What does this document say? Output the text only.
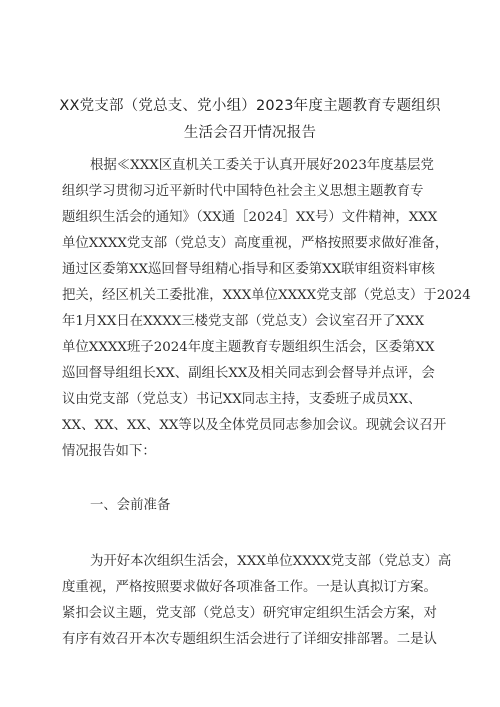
XX党支部（党总支、党小组）2023年度主题教育专题组织
生活会召开情况报告
根据≪XXX区直机关工委关于认真开展好2023年度基层党
组织学习贯彻习近平新时代中国特色社会主义思想主题教育专
题组织生活会的通知》（XX通［2024］XX号）文件精神，XXX
单位XXXX党支部（党总支）高度重视，严格按照要求做好准备，
通过区委第XX巡回督导组精心指导和区委第XX联审组资料审核
把关，经区机关工委批准，XXX单位XXXX党支部（党总支）于2024
年1月XX日在XXXX三楼党支部（党总支）会议室召开了XXX
单位XXXX班子2024年度主题教育专题组织生活会，区委第XX
巡回督导组组长XX、副组长XX及相关同志到会督导并点评，会
议由党支部（党总支）书记XX同志主持，支委班子成员XX、
XX、XX、XX、XX等以及全体党员同志参加会议。现就会议召开
情况报告如下：
一、会前准备
为开好本次组织生活会，XXX单位XXXX党支部（党总支）高
度重视，严格按照要求做好各项准备工作。一是认真拟订方案。
紧扣会议主题，党支部（党总支）研究审定组织生活会方案，对
有序有效召开本次专题组织生活会进行了详细安排部署。二是认
